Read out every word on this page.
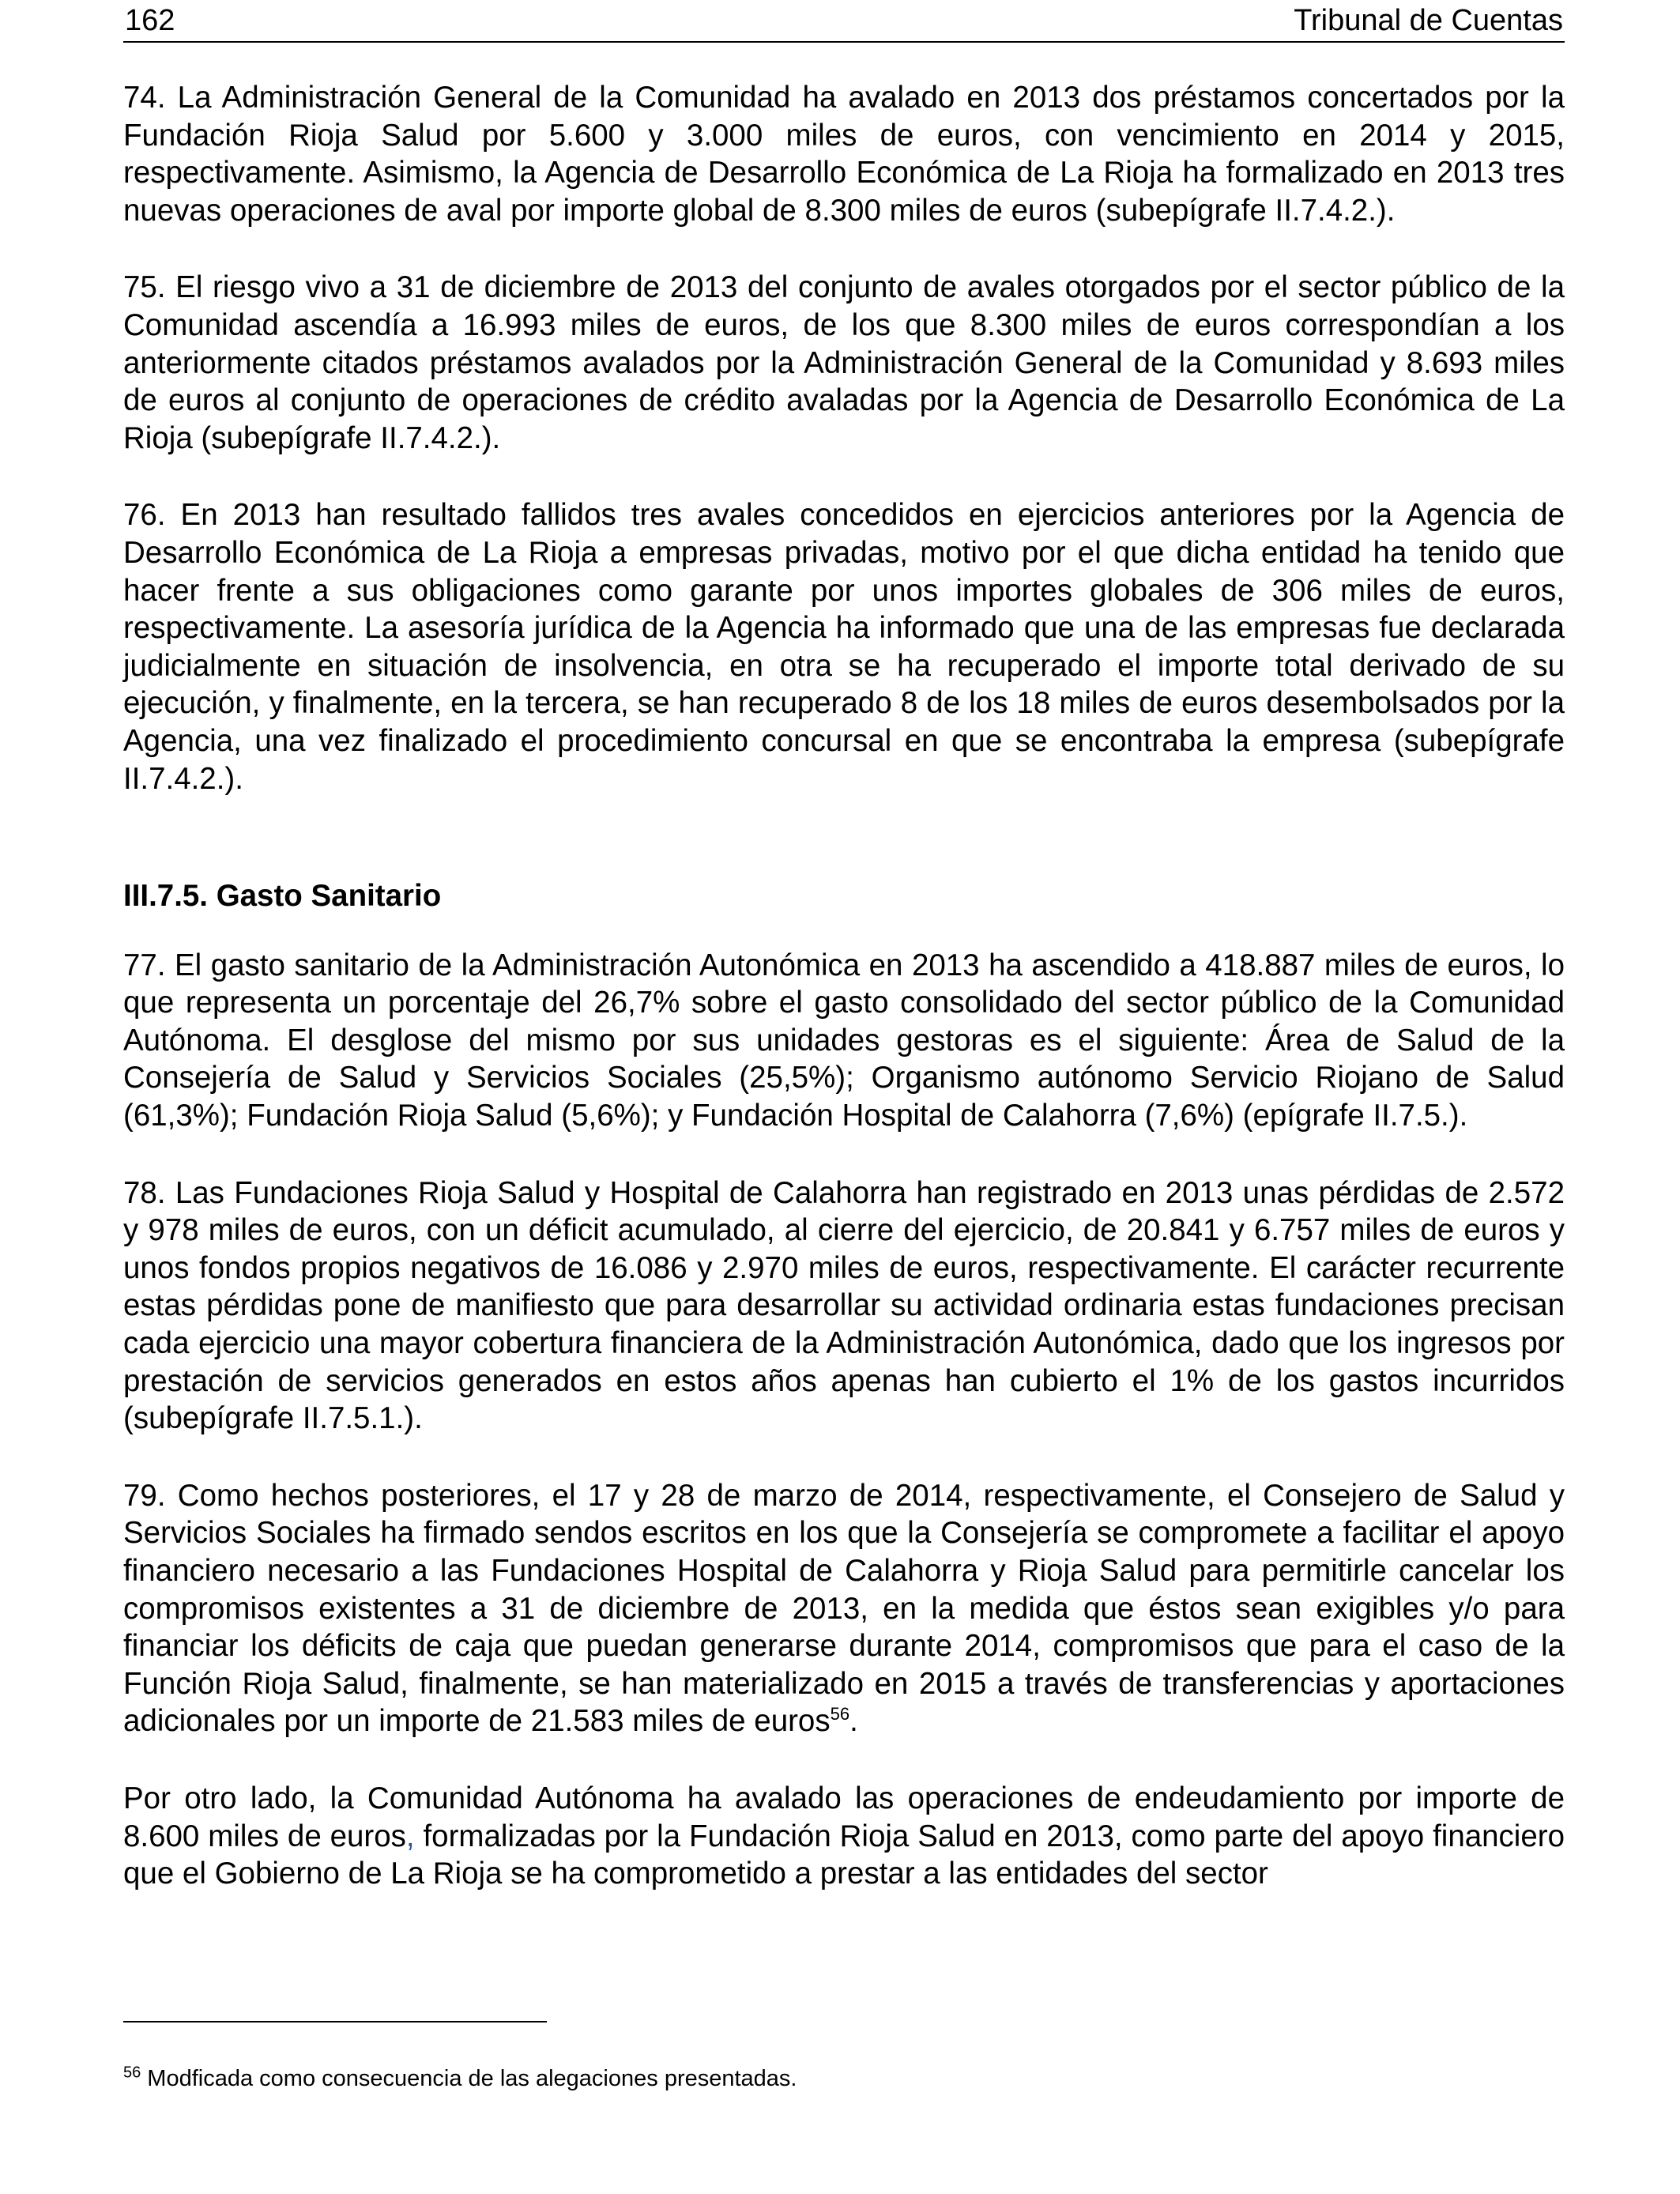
162	Tribunal de Cuentas

74. La Administración General de la Comunidad ha avalado en 2013 dos préstamos concertados por la Fundación Rioja Salud por 5.600 y 3.000 miles de euros, con vencimiento en 2014 y 2015, respectivamente. Asimismo, la Agencia de Desarrollo Económica de La Rioja ha formalizado en 2013 tres nuevas operaciones de aval por importe global de 8.300 miles de euros (subepígrafe II.7.4.2.).

75. El riesgo vivo a 31 de diciembre de 2013 del conjunto de avales otorgados por el sector público de la Comunidad ascendía a 16.993 miles de euros, de los que 8.300 miles de euros correspondían a los anteriormente citados préstamos avalados por la Administración General de la Comunidad y 8.693 miles de euros al conjunto de operaciones de crédito avaladas por la Agencia de Desarrollo Económica de La Rioja (subepígrafe II.7.4.2.).

76. En 2013 han resultado fallidos tres avales concedidos en ejercicios anteriores por la Agencia de Desarrollo Económica de La Rioja a empresas privadas, motivo por el que dicha entidad ha tenido que hacer frente a sus obligaciones como garante por unos importes globales de 306 miles de euros, respectivamente. La asesoría jurídica de la Agencia ha informado que una de las empresas fue declarada judicialmente en situación de insolvencia, en otra se ha recuperado el importe total derivado de su ejecución, y finalmente, en la tercera, se han recuperado 8 de los 18 miles de euros desembolsados por la Agencia, una vez finalizado el procedimiento concursal en que se encontraba la empresa (subepígrafe II.7.4.2.).

III.7.5. Gasto Sanitario

77. El gasto sanitario de la Administración Autonómica en 2013 ha ascendido a 418.887 miles de euros, lo que representa un porcentaje del 26,7% sobre el gasto consolidado del sector público de la Comunidad Autónoma. El desglose del mismo por sus unidades gestoras es el siguiente: Área de Salud de la Consejería de Salud y Servicios Sociales (25,5%); Organismo autónomo Servicio Riojano de Salud (61,3%); Fundación Rioja Salud (5,6%); y Fundación Hospital de Calahorra (7,6%) (epígrafe II.7.5.).

78. Las Fundaciones Rioja Salud y Hospital de Calahorra han registrado en 2013 unas pérdidas de 2.572 y 978 miles de euros, con un déficit acumulado, al cierre del ejercicio, de 20.841 y 6.757 miles de euros y unos fondos propios negativos de 16.086 y 2.970 miles de euros, respectivamente. El carácter recurrente estas pérdidas pone de manifiesto que para desarrollar su actividad ordinaria estas fundaciones precisan cada ejercicio una mayor cobertura financiera de la Administración Autonómica, dado que los ingresos por prestación de servicios generados en estos años apenas han cubierto el 1% de los gastos incurridos (subepígrafe II.7.5.1.).

79. Como hechos posteriores, el 17 y 28 de marzo de 2014, respectivamente, el Consejero de Salud y Servicios Sociales ha firmado sendos escritos en los que la Consejería se compromete a facilitar el apoyo financiero necesario a las Fundaciones Hospital de Calahorra y Rioja Salud para permitirle cancelar los compromisos existentes a 31 de diciembre de 2013, en la medida que éstos sean exigibles y/o para financiar los déficits de caja que puedan generarse durante 2014, compromisos que para el caso de la Función Rioja Salud, finalmente, se han materializado en 2015 a través de transferencias y aportaciones adicionales por un importe de 21.583 miles de euros$^{56}$.

Por otro lado, la Comunidad Autónoma ha avalado las operaciones de endeudamiento por importe de 8.600 miles de euros, formalizadas por la Fundación Rioja Salud en 2013, como parte del apoyo financiero que el Gobierno de La Rioja se ha comprometido a prestar a las entidades del sector

$^{56}$ Modficada como consecuencia de las alegaciones presentadas.
